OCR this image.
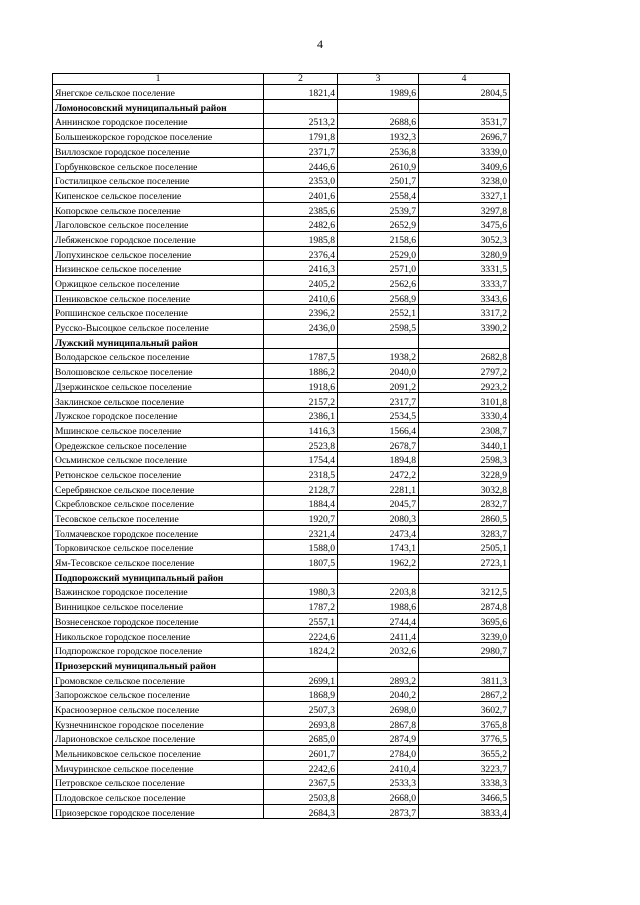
4
1	2	3	4
Янегское сельское поселение	1821,4	1989,6	2804,5
Ломоносовский муниципальный район			
Аннинское городское поселение	2513,2	2688,6	3531,7
Большеижорское городское поселение	1791,8	1932,3	2696,7
Виллозское городское поселение	2371,7	2536,8	3339,0
Горбунковское сельское поселение	2446,6	2610,9	3409,6
Гостилицкое сельское поселение	2353,0	2501,7	3238,0
Кипенское сельское поселение	2401,6	2558,4	3327,1
Копорское сельское поселение	2385,6	2539,7	3297,8
Лаголовское сельское поселение	2482,6	2652,9	3475,6
Лебяженское городское поселение	1985,8	2158,6	3052,3
Лопухинское сельское поселение	2376,4	2529,0	3280,9
Низинское сельское поселение	2416,3	2571,0	3331,5
Оржицкое сельское поселение	2405,2	2562,6	3333,7
Пениковское сельское поселение	2410,6	2568,9	3343,6
Ропшинское сельское поселение	2396,2	2552,1	3317,2
Русско-Высоцкое сельское поселение	2436,0	2598,5	3390,2
Лужский муниципальный район			
Володарское сельское поселение	1787,5	1938,2	2682,8
Волошовское сельское поселение	1886,2	2040,0	2797,2
Дзержинское сельское поселение	1918,6	2091,2	2923,2
Заклинское сельское поселение	2157,2	2317,7	3101,8
Лужское городское поселение	2386,1	2534,5	3330,4
Мшинское сельское поселение	1416,3	1566,4	2308,7
Оредежское сельское поселение	2523,8	2678,7	3440,1
Осьминское сельское поселение	1754,4	1894,8	2598,3
Ретюнское сельское поселение	2318,5	2472,2	3228,9
Серебрянское сельское поселение	2128,7	2281,1	3032,8
Скребловское сельское поселение	1884,4	2045,7	2832,7
Тесовское сельское поселение	1920,7	2080,3	2860,5
Толмачевское городское поселение	2321,4	2473,4	3283,7
Торковичское сельское поселение	1588,0	1743,1	2505,1
Ям-Тесовское сельское поселение	1807,5	1962,2	2723,1
Подпорожский муниципальный район			
Важинское городское поселение	1980,3	2203,8	3212,5
Винницкое сельское поселение	1787,2	1988,6	2874,8
Вознесенское городское поселение	2557,1	2744,4	3695,6
Никольское городское поселение	2224,6	2411,4	3239,0
Подпорожское городское поселение	1824,2	2032,6	2980,7
Приозерский муниципальный район			
Громовское сельское поселение	2699,1	2893,2	3811,3
Запорожское сельское поселение	1868,9	2040,2	2867,2
Красноозерное сельское поселение	2507,3	2698,0	3602,7
Кузнечнинское городское поселение	2693,8	2867,8	3765,8
Ларионовское сельское поселение	2685,0	2874,9	3776,5
Мельниковское сельское поселение	2601,7	2784,0	3655,2
Мичуринское сельское поселение	2242,6	2410,4	3223,7
Петровское сельское поселение	2367,5	2533,3	3338,3
Плодовское сельское поселение	2503,8	2668,0	3466,5
Приозерское городское поселение	2684,3	2873,7	3833,4
